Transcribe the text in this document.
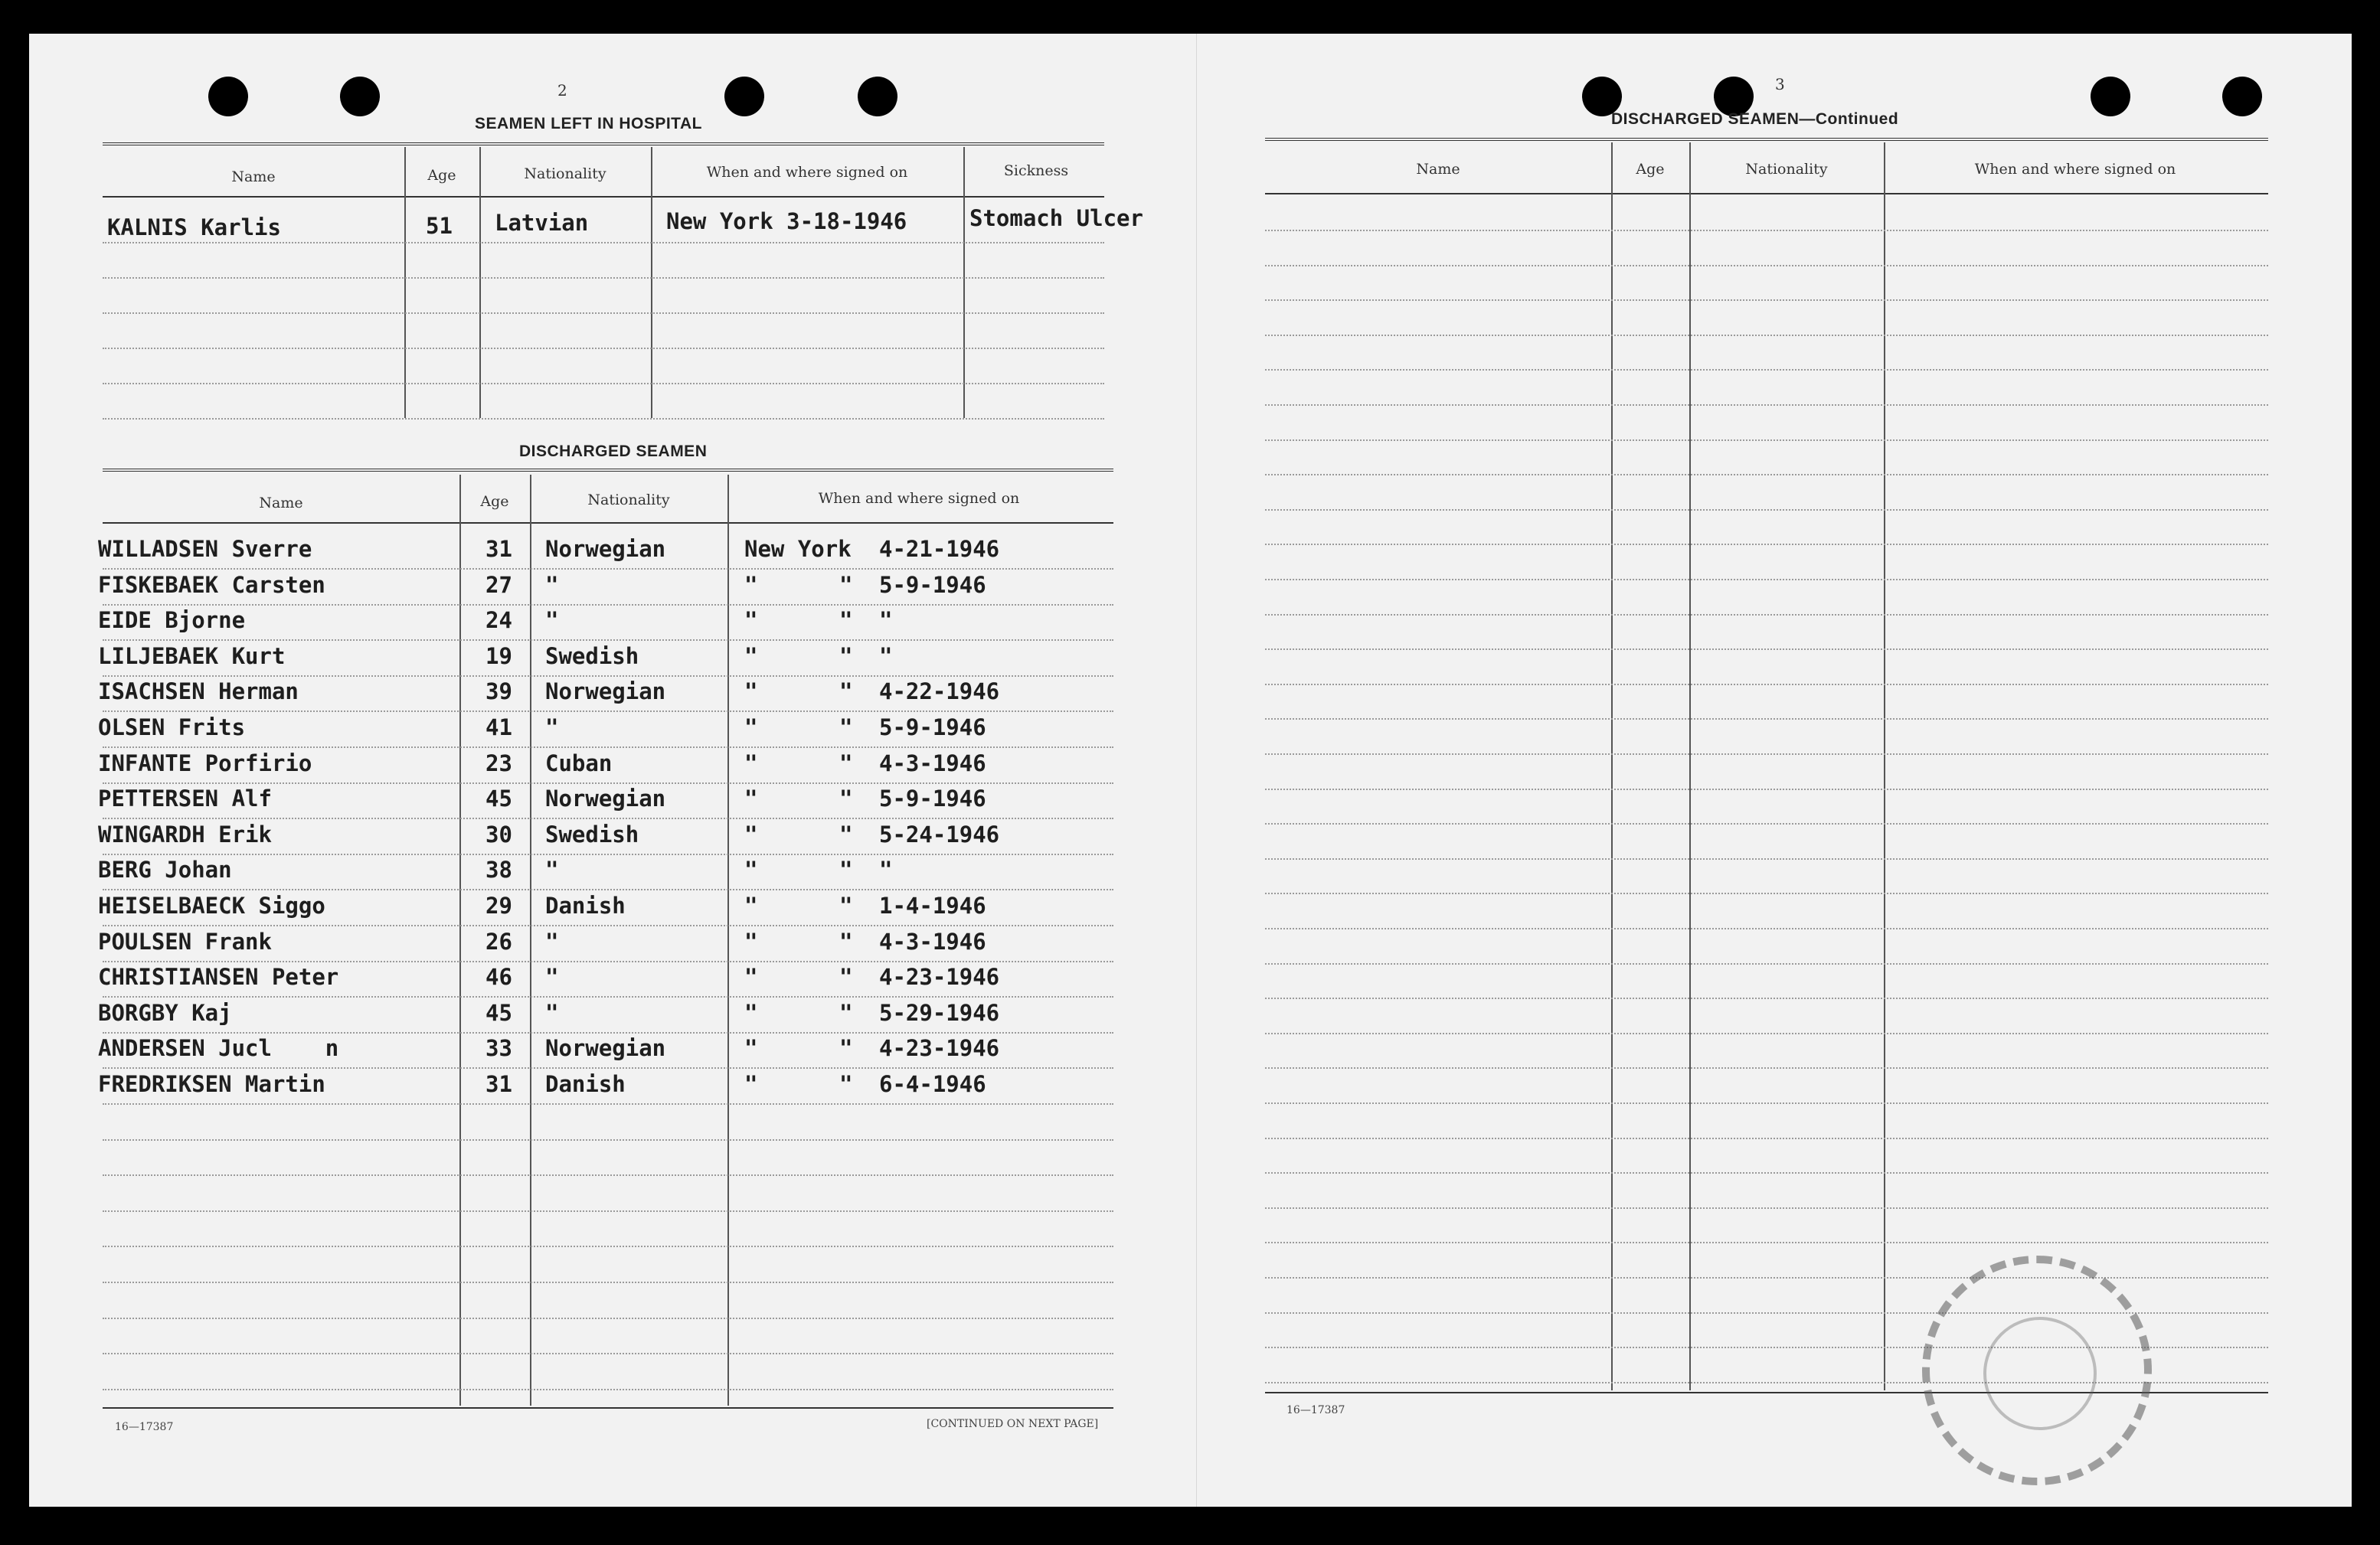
2
SEAMEN LEFT IN HOSPITAL
Name	Age	Nationality	When and where signed on	Sickness
KALNIS Karlis	51 Latvian	New York 3-18-1946	Stomach Ulcer
DISCHARGED SEAMEN
Name	Age	Nationality	When and where signed on
WILLADSEN Sverre	31 Norwegian	New York 4-21-1946
FISKEBAEK Carsten	27 "	"	" 5-9-1946
EIDE Bjorne	24 "	"	" "
LILJEBAEK Kurt	19 Swedish	"	" "
ISACHSEN Herman	39 Norwegian	"	" 4-22-1946
OLSEN Frits	41 "	"	" 5-9-1946
INFANTE Porfirio	23 Cuban	"	" 4-3-1946
PETTERSEN Alf	45 Norwegian	"	" 5-9-1946
WINGARDH Erik	30 Swedish	"	" 5-24-1946
BERG Johan	38 "	"	" "
HEISELBAECK Siggo	29 Danish	"	" 1-4-1946
POULSEN Frank	26 "	"	" 4-3-1946
CHRISTIANSEN Peter	46 "	"	" 4-23-1946
BORGBY Kaj	45 "	"	" 5-29-1946
ANDERSEN Jucl    n	33 Norwegian	"	" 4-23-1946
FREDRIKSEN Martin	31 Danish	"	" 6-4-1946
16—17387	[CONTINUED ON NEXT PAGE]
3
DISCHARGED SEAMEN—Continued
Name	Age	Nationality	When and where signed on
16—17387
